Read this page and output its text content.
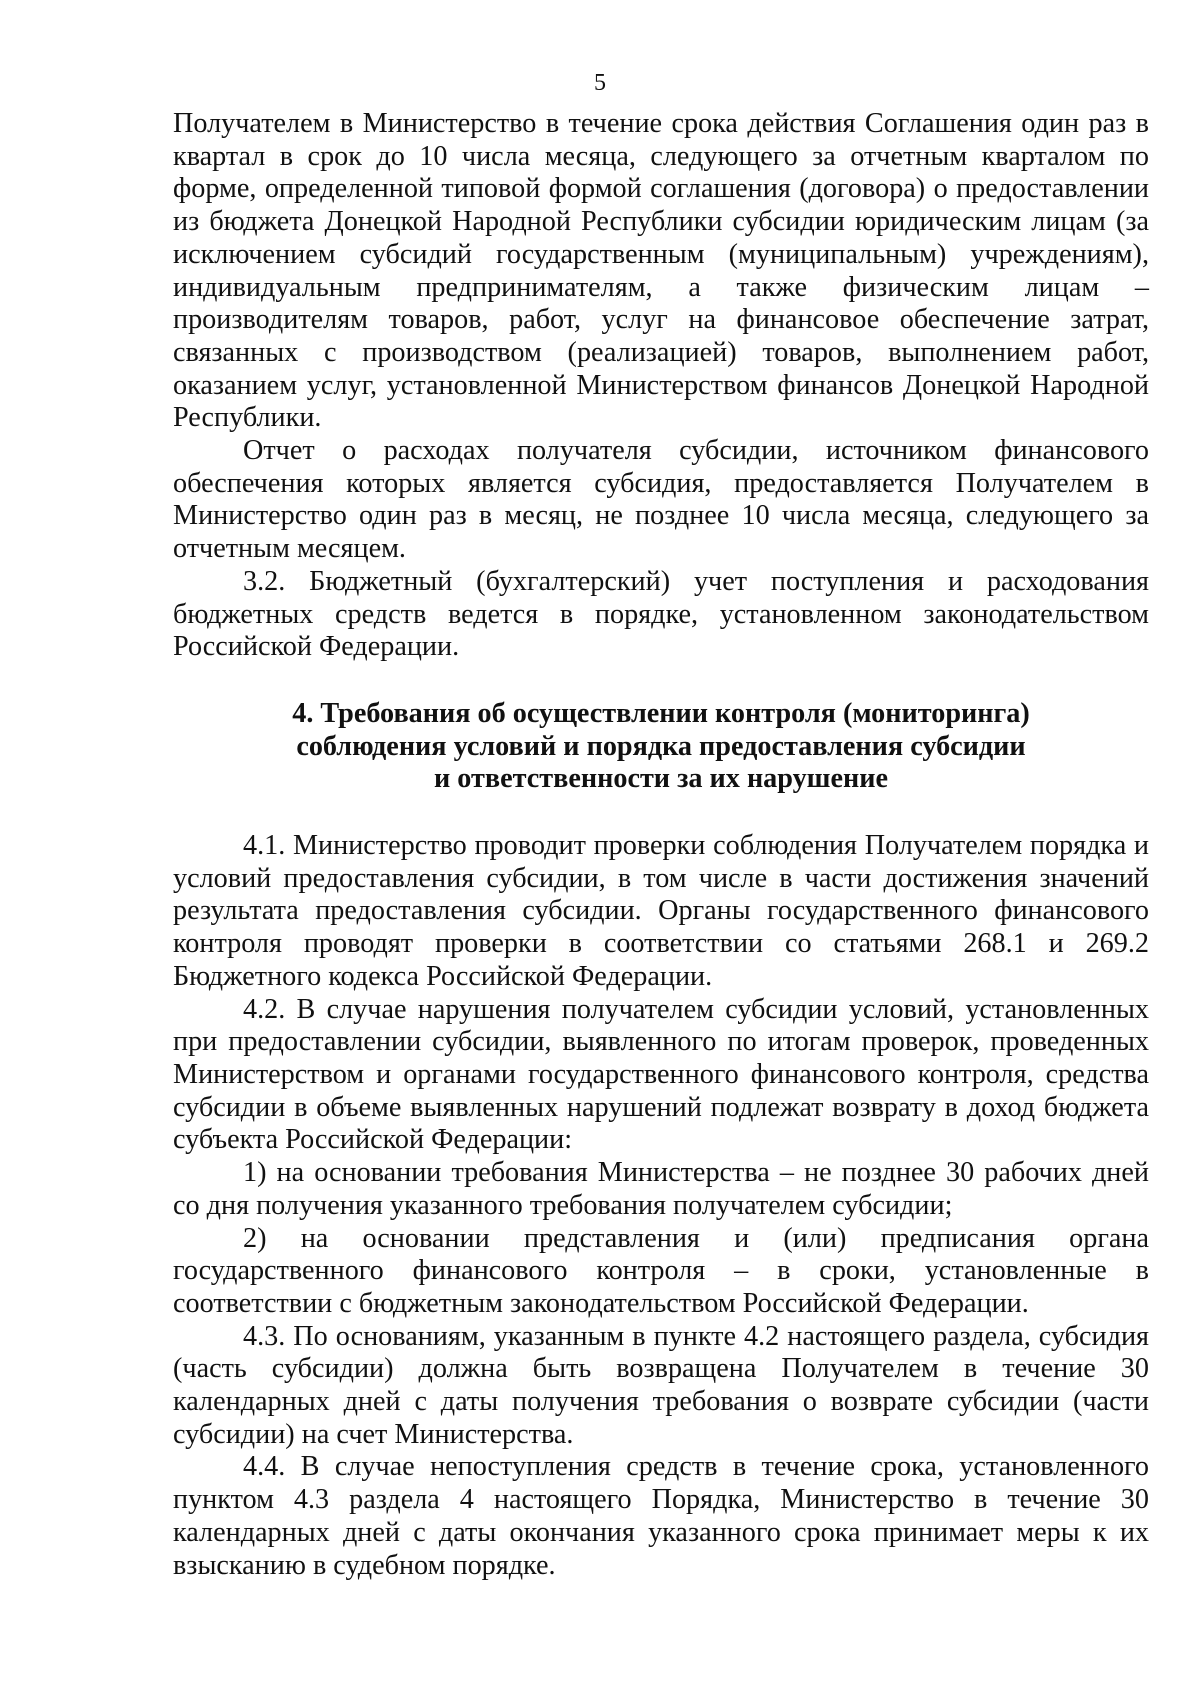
5

Получателем в Министерство в течение срока действия Соглашения один раз в квартал в срок до 10 числа месяца, следующего за отчетным кварталом по форме, определенной типовой формой соглашения (договора) о предоставлении из бюджета Донецкой Народной Республики субсидии юридическим лицам (за исключением субсидий государственным (муниципальным) учреждениям), индивидуальным предпринимателям, а также физическим лицам – производителям товаров, работ, услуг на финансовое обеспечение затрат, связанных с производством (реализацией) товаров, выполнением работ, оказанием услуг, установленной Министерством финансов Донецкой Народной Республики.

Отчет о расходах получателя субсидии, источником финансового обеспечения которых является субсидия, предоставляется Получателем в Министерство один раз в месяц, не позднее 10 числа месяца, следующего за отчетным месяцем.

3.2. Бюджетный (бухгалтерский) учет поступления и расходования бюджетных средств ведется в порядке, установленном законодательством Российской Федерации.

4. Требования об осуществлении контроля (мониторинга)
соблюдения условий и порядка предоставления субсидии
и ответственности за их нарушение

4.1. Министерство проводит проверки соблюдения Получателем порядка и условий предоставления субсидии, в том числе в части достижения значений результата предоставления субсидии. Органы государственного финансового контроля проводят проверки в соответствии со статьями 268.1 и 269.2 Бюджетного кодекса Российской Федерации.

4.2. В случае нарушения получателем субсидии условий, установленных при предоставлении субсидии, выявленного по итогам проверок, проведенных Министерством и органами государственного финансового контроля, средства субсидии в объеме выявленных нарушений подлежат возврату в доход бюджета субъекта Российской Федерации:

1) на основании требования Министерства – не позднее 30 рабочих дней со дня получения указанного требования получателем субсидии;

2) на основании представления и (или) предписания органа государственного финансового контроля – в сроки, установленные в соответствии с бюджетным законодательством Российской Федерации.

4.3. По основаниям, указанным в пункте 4.2 настоящего раздела, субсидия (часть субсидии) должна быть возвращена Получателем в течение 30 календарных дней с даты получения требования о возврате субсидии (части субсидии) на счет Министерства.

4.4. В случае непоступления средств в течение срока, установленного пунктом 4.3 раздела 4 настоящего Порядка, Министерство в течение 30 календарных дней с даты окончания указанного срока принимает меры к их взысканию в судебном порядке.
